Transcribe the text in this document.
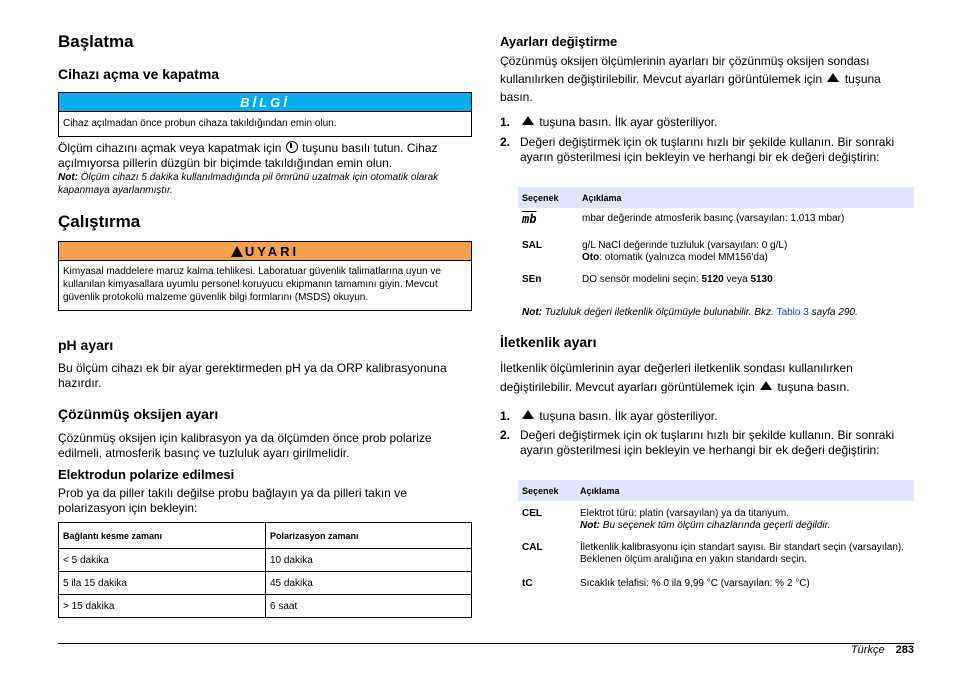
Başlatma
Cihazı açma ve kapatma
BİLGİ
Cihaz açılmadan önce probun cihaza takıldığından emin olun.
Ölçüm cihazını açmak veya kapatmak için tuşunu basılı tutun. Cihaz açılmıyorsa pillerin düzgün bir biçimde takıldığından emin olun.
Not: Ölçüm cihazı 5 dakika kullanılmadığında pil ömrünü uzatmak için otomatik olarak kapanmaya ayarlanmıştır.
Çalıştırma
UYARI
Kimyasal maddelere maruz kalma tehlikesi. Laboratuar güvenlik talimatlarına uyun ve kullanılan kimyasallara uyumlu personel koruyucu ekipmanın tamamını giyin. Mevcut güvenlik protokolü malzeme güvenlik bilgi formlarını (MSDS) okuyun.
pH ayarı
Bu ölçüm cihazı ek bir ayar gerektirmeden pH ya da ORP kalibrasyonuna hazırdır.
Çözünmüş oksijen ayarı
Çözünmüş oksijen için kalibrasyon ya da ölçümden önce prob polarize edilmeli, atmosferik basınç ve tuzluluk ayarı girilmelidir.
Elektrodun polarize edilmesi
Prob ya da piller takılı değilse probu bağlayın ya da pilleri takın ve polarizasyon için bekleyin:
Bağlantı kesme zamanı	Polarizasyon zamanı
< 5 dakika	10 dakika
5 ila 15 dakika	45 dakika
> 15 dakika	6 saat
Ayarları değiştirme
Çözünmüş oksijen ölçümlerinin ayarları bir çözünmüş oksijen sondası kullanılırken değiştirilebilir. Mevcut ayarları görüntülemek için tuşuna basın.
1.	tuşuna basın. İlk ayar gösteriliyor.
2. Değeri değiştirmek için ok tuşlarını hızlı bir şekilde kullanın. Bir sonraki ayarın gösterilmesi için bekleyin ve herhangi bir ek değeri değiştirin:
Seçenek	Açıklama
$\overline{mb}$	mbar değerinde atmosferik basınç (varsayılan: 1.013 mbar)
SAL	g/L NaCl değerinde tuzluluk (varsayılan: 0 g/L)
Oto: otomatik (yalnızca model MM156'da)

SEn	DO sensör modelini seçin: 5120 veya 5130
Not: Tuzluluk değeri iletkenlik ölçümüyle bulunabilir. Bkz. Tablo 3 sayfa 290.
İletkenlik ayarı
İletkenlik ölçümlerinin ayar değerleri iletkenlik sondası kullanılırken değiştirilebilir. Mevcut ayarları görüntülemek için tuşuna basın.
1.	tuşuna basın. İlk ayar gösteriliyor.
2. Değeri değiştirmek için ok tuşlarını hızlı bir şekilde kullanın. Bir sonraki ayarın gösterilmesi için bekleyin ve herhangi bir ek değeri değiştirin:
Seçenek	Açıklama
CEL	Elektrot türü: platin (varsayılan) ya da titanyum.
Not: Bu seçenek tüm ölçüm cihazlarında geçerli değildir.

CAL	İletkenlik kalibrasyonu için standart sayısı. Bir standart seçin (varsayılan). Beklenen ölçüm aralığına en yakın standardı seçin.
tC	Sıcaklık telafisi: % 0 ila 9,99 °C (varsayılan: % 2 °C)
Türkçe 283
